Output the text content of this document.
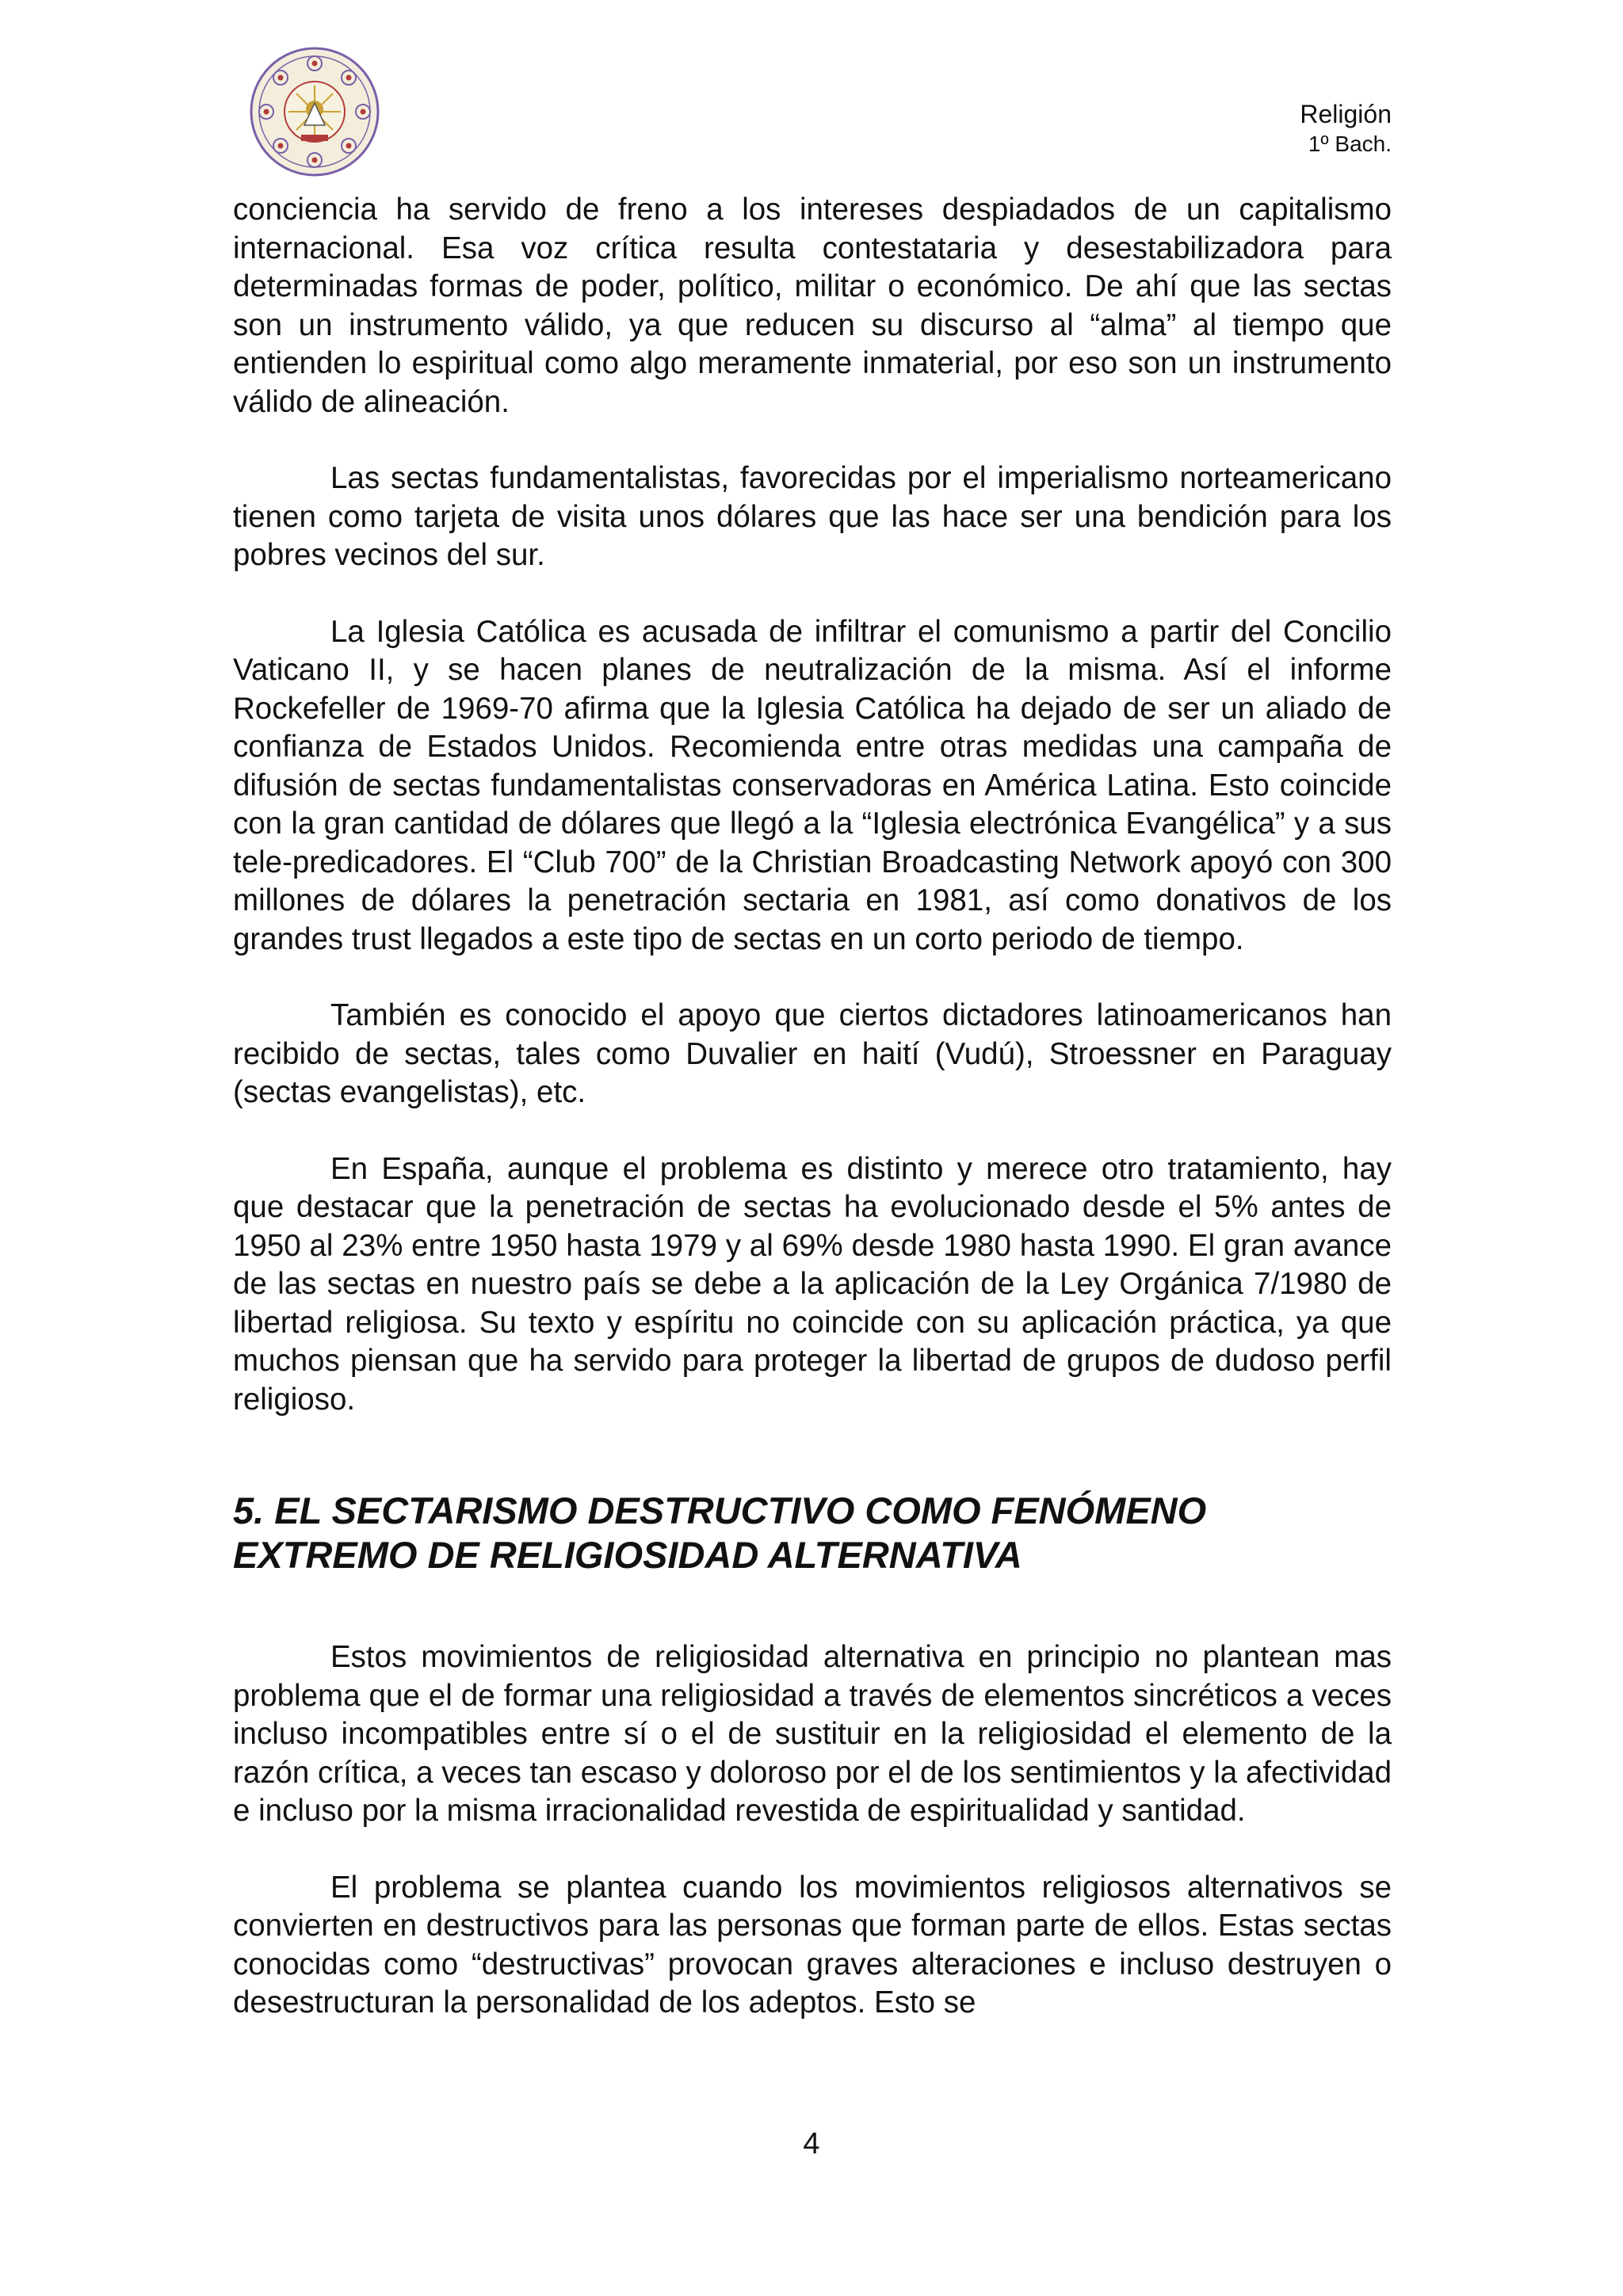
Religión
1º Bach.

conciencia ha servido de freno a los intereses despiadados de un capitalismo internacional. Esa voz crítica resulta contestataria y desestabilizadora para determinadas formas de poder, político, militar o económico. De ahí que las sectas son un instrumento válido, ya que reducen su discurso al “alma” al tiempo que entienden lo espiritual como algo meramente inmaterial, por eso son un instrumento válido de alineación.

Las sectas fundamentalistas, favorecidas por el imperialismo norteamericano tienen como tarjeta de visita unos dólares que las hace ser una bendición para los pobres vecinos del sur.

La Iglesia Católica es acusada de infiltrar el comunismo a partir del Concilio Vaticano II, y se hacen planes de neutralización de la misma. Así el informe Rockefeller de 1969-70 afirma que la Iglesia Católica ha dejado de ser un aliado de confianza de Estados Unidos. Recomienda entre otras medidas una campaña de difusión de sectas fundamentalistas conservadoras en América Latina. Esto coincide con la gran cantidad de dólares que llegó a la “Iglesia electrónica Evangélica” y a sus tele-predicadores. El “Club 700” de la Christian Broadcasting Network apoyó con 300 millones de dólares la penetración sectaria en 1981, así como donativos de los grandes trust llegados a este tipo de sectas en un corto periodo de tiempo.

También es conocido el apoyo que ciertos dictadores latinoamericanos han recibido de sectas, tales como Duvalier en haití (Vudú), Stroessner en Paraguay (sectas evangelistas), etc.

En España, aunque el problema es distinto y merece otro tratamiento, hay que destacar que la penetración de sectas ha evolucionado desde el 5% antes de 1950 al 23% entre 1950 hasta 1979 y al 69% desde 1980 hasta 1990. El gran avance de las sectas en nuestro país se debe a la aplicación de la Ley Orgánica 7/1980 de libertad religiosa. Su texto y espíritu no coincide con su aplicación práctica, ya que muchos piensan que ha servido para proteger la libertad de grupos de dudoso perfil religioso.

5. EL SECTARISMO DESTRUCTIVO COMO FENÓMENO
EXTREMO DE RELIGIOSIDAD ALTERNATIVA

Estos movimientos de religiosidad alternativa en principio no plantean mas problema que el de formar una religiosidad a través de elementos sincréticos a veces incluso incompatibles entre sí o el de sustituir en la religiosidad el elemento de la razón crítica, a veces tan escaso y doloroso por el de los sentimientos y la afectividad e incluso por la misma irracionalidad revestida de espiritualidad y santidad.

El problema se plantea cuando los movimientos religiosos alternativos se convierten en destructivos para las personas que forman parte de ellos. Estas sectas conocidas como “destructivas” provocan graves alteraciones e incluso destruyen o desestructuran la personalidad de los adeptos. Esto se

4
